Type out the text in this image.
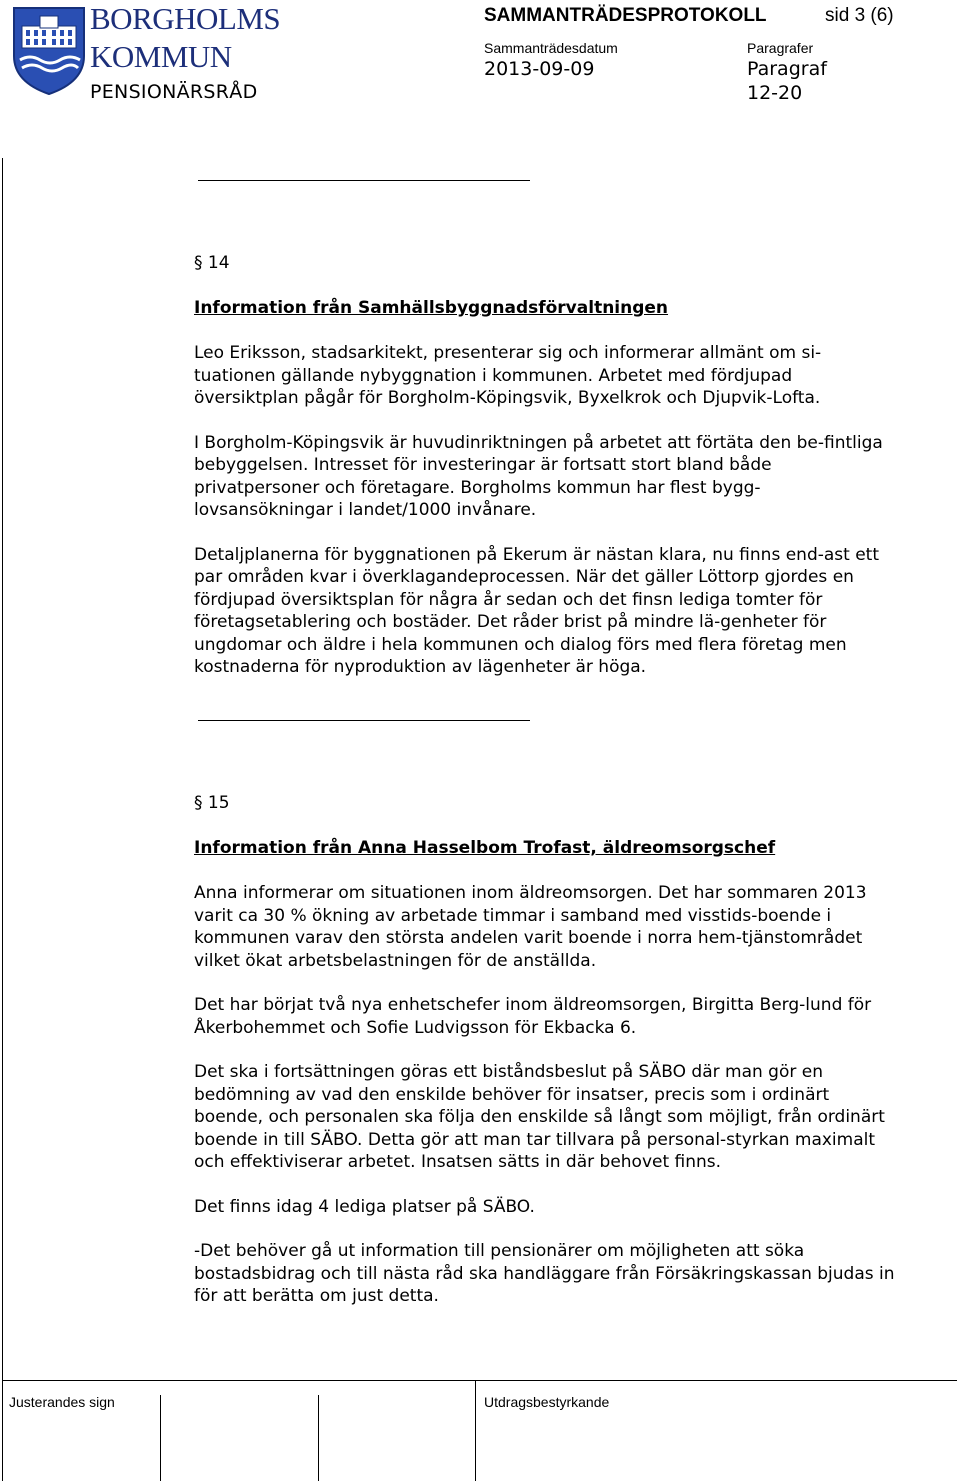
BORGHOLMS
KOMMUN
PENSIONÄRSRÅD
SAMMANTRÄDESPROTOKOLL	sid 3 (6)
Sammanträdesdatum
2013-09-09
Paragrafer
Paragraf
12-20
§ 14
Information från Samhällsbyggnadsförvaltningen

Leo Eriksson, stadsarkitekt, presenterar sig och informerar allmänt om si-tuationen gällande nybyggnation i kommunen. Arbetet med fördjupad översiktplan pågår för Borgholm-Köpingsvik, Byxelkrok och Djupvik-Lofta.

I Borgholm-Köpingsvik är huvudinriktningen på arbetet att förtäta den be-fintliga bebyggelsen. Intresset för investeringar är fortsatt stort bland både privatpersoner och företagare. Borgholms kommun har flest bygg-lovsansökningar i landet/1000 invånare.

Detaljplanerna för byggnationen på Ekerum är nästan klara, nu finns end-ast ett par områden kvar i överklagandeprocessen. När det gäller Löttorp gjordes en fördjupad översiktsplan för några år sedan och det finsn lediga tomter för företagsetablering och bostäder. Det råder brist på mindre lä-genheter för ungdomar och äldre i hela kommunen och dialog förs med flera företag men kostnaderna för nyproduktion av lägenheter är höga.

§ 15
Information från Anna Hasselbom Trofast, äldreomsorgschef

Anna informerar om situationen inom äldreomsorgen. Det har sommaren 2013 varit ca 30 % ökning av arbetade timmar i samband med visstids-boende i kommunen varav den största andelen varit boende i norra hem-tjänstområdet vilket ökat arbetsbelastningen för de anställda.

Det har börjat två nya enhetschefer inom äldreomsorgen, Birgitta Berg-lund för Åkerbohemmet och Sofie Ludvigsson för Ekbacka 6.

Det ska i fortsättningen göras ett biståndsbeslut på SÄBO där man gör en bedömning av vad den enskilde behöver för insatser, precis som i ordinärt boende, och personalen ska följa den enskilde så långt som möjligt, från ordinärt boende in till SÄBO. Detta gör att man tar tillvara på personal-styrkan maximalt och effektiviserar arbetet. Insatsen sätts in där behovet finns.

Det finns idag 4 lediga platser på SÄBO.

-Det behöver gå ut information till pensionärer om möjligheten att söka bostadsbidrag och till nästa råd ska handläggare från Försäkringskassan bjudas in för att berätta om just detta.

Justerandes sign	Utdragsbestyrkande
